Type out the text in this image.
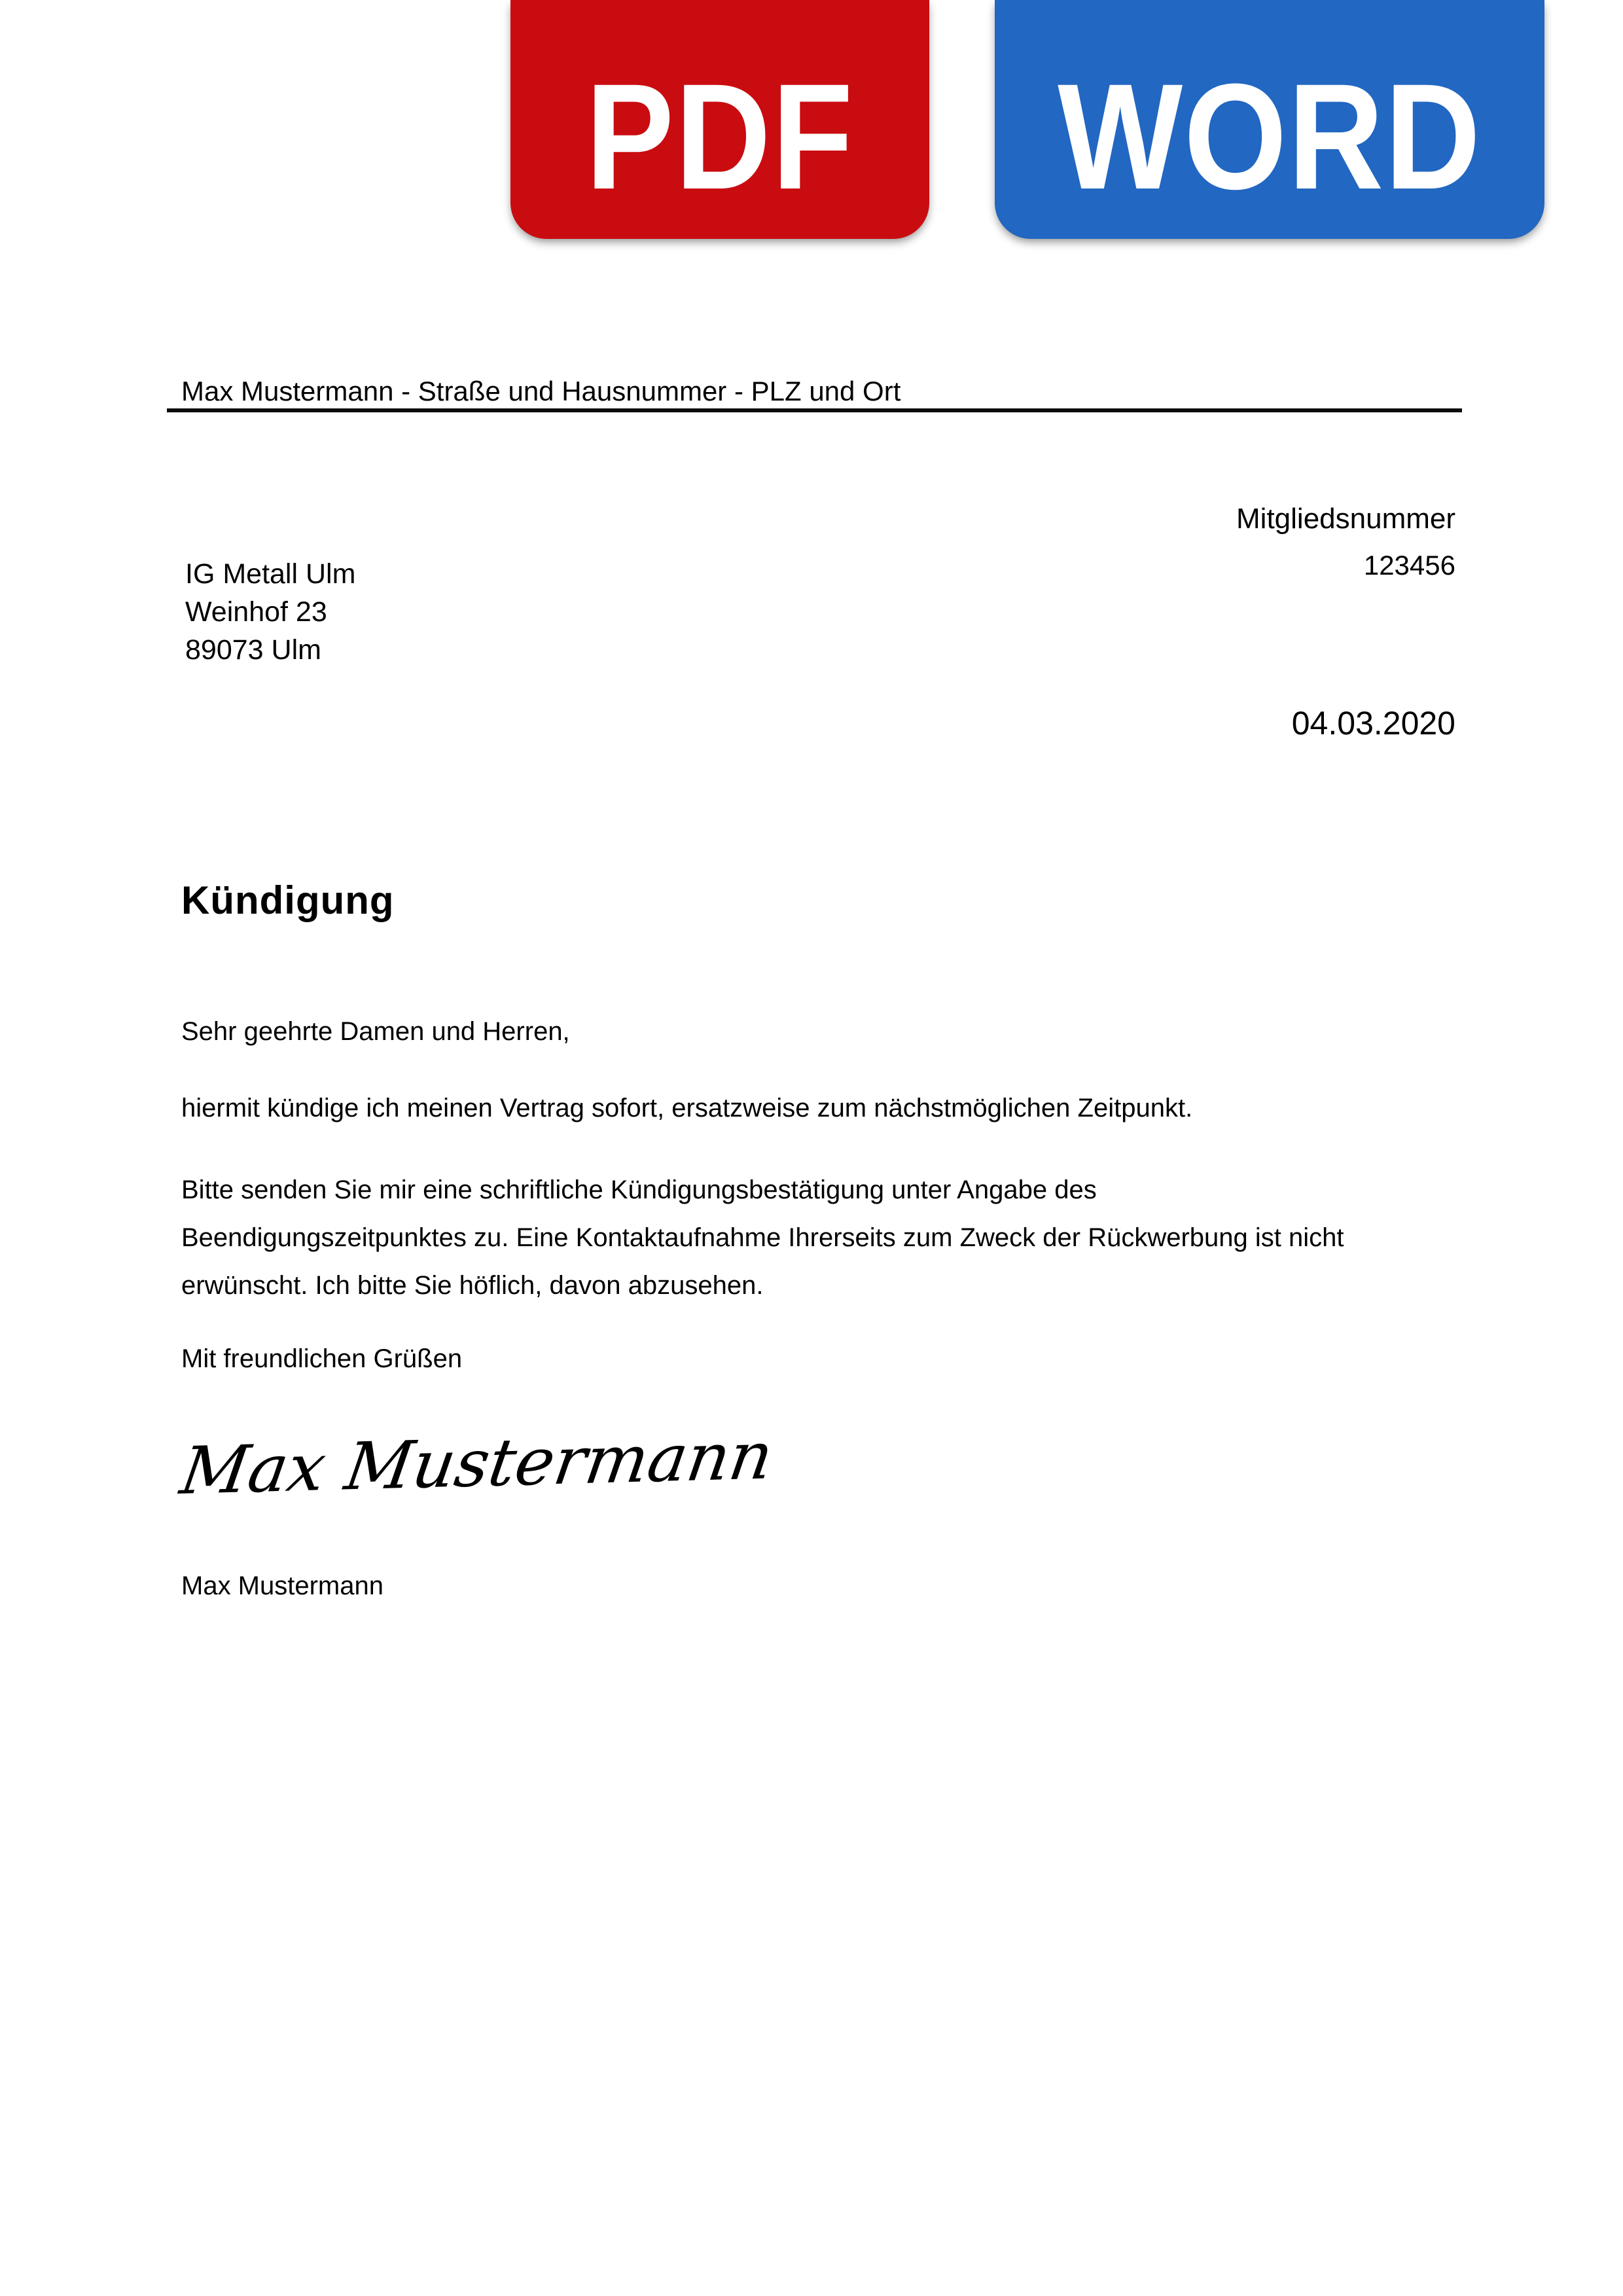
PDF WORD
Max Mustermann - Straße und Hausnummer - PLZ und Ort
Mitgliedsnummer
123456
IG Metall Ulm
Weinhof 23
89073 Ulm
04.03.2020
Kündigung
Sehr geehrte Damen und Herren,
hiermit kündige ich meinen Vertrag sofort, ersatzweise zum nächstmöglichen Zeitpunkt.
Bitte senden Sie mir eine schriftliche Kündigungsbestätigung unter Angabe des
Beendigungszeitpunktes zu. Eine Kontaktaufnahme Ihrerseits zum Zweck der Rückwerbung ist nicht
erwünscht. Ich bitte Sie höflich, davon abzusehen.
Mit freundlichen Grüßen
Max Mustermann
Max Mustermann
